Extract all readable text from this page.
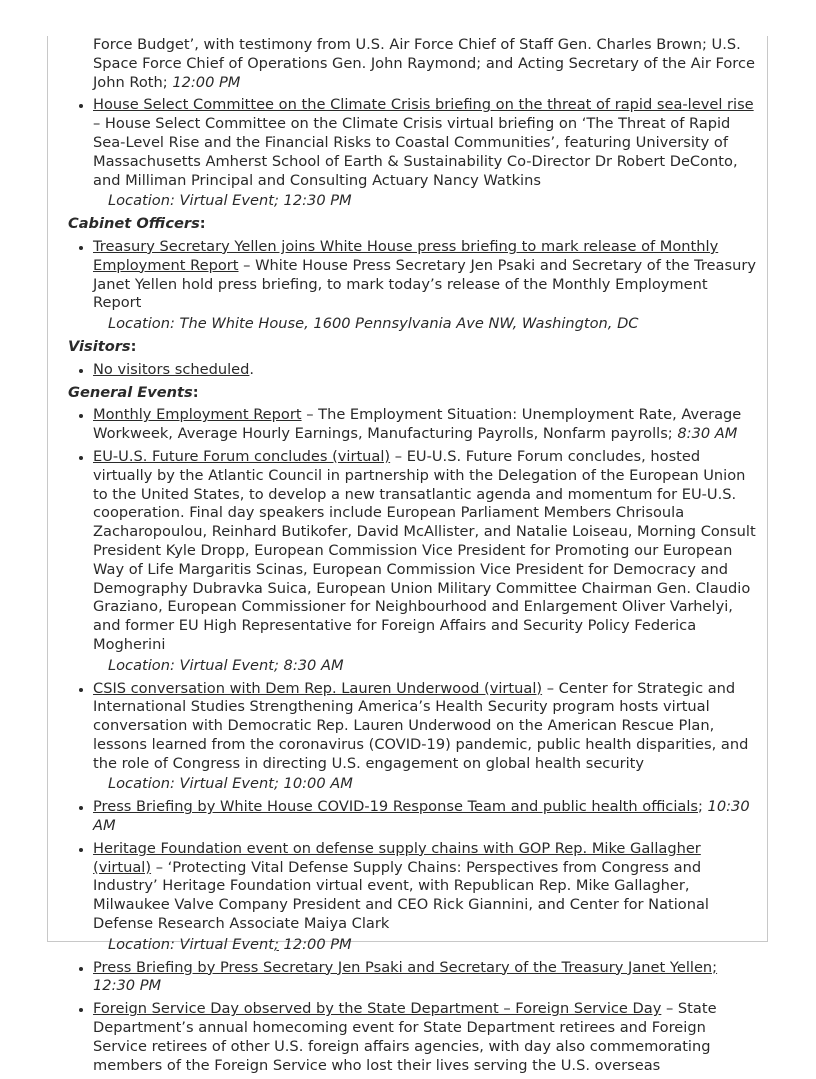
Force Budget’, with testimony from U.S. Air Force Chief of Staff Gen. Charles Brown; U.S. Space Force Chief of Operations Gen. John Raymond; and Acting Secretary of the Air Force John Roth; 12:00 PM
• House Select Committee on the Climate Crisis briefing on the threat of rapid sea-level rise – House Select Committee on the Climate Crisis virtual briefing on ‘The Threat of Rapid Sea-Level Rise and the Financial Risks to Coastal Communities’, featuring University of Massachusetts Amherst School of Earth & Sustainability Co-Director Dr Robert DeConto, and Milliman Principal and Consulting Actuary Nancy Watkins
Location: Virtual Event; 12:30 PM
Cabinet Officers:
• Treasury Secretary Yellen joins White House press briefing to mark release of Monthly Employment Report – White House Press Secretary Jen Psaki and Secretary of the Treasury Janet Yellen hold press briefing, to mark today’s release of the Monthly Employment Report
Location: The White House, 1600 Pennsylvania Ave NW, Washington, DC
Visitors:
• No visitors scheduled.
General Events:
• Monthly Employment Report – The Employment Situation: Unemployment Rate, Average Workweek, Average Hourly Earnings, Manufacturing Payrolls, Nonfarm payrolls; 8:30 AM
• EU-U.S. Future Forum concludes (virtual) – EU-U.S. Future Forum concludes, hosted virtually by the Atlantic Council in partnership with the Delegation of the European Union to the United States, to develop a new transatlantic agenda and momentum for EU-U.S. cooperation. Final day speakers include European Parliament Members Chrisoula Zacharopoulou, Reinhard Butikofer, David McAllister, and Natalie Loiseau, Morning Consult President Kyle Dropp, European Commission Vice President for Promoting our European Way of Life Margaritis Scinas, European Commission Vice President for Democracy and Demography Dubravka Suica, European Union Military Committee Chairman Gen. Claudio Graziano, European Commissioner for Neighbourhood and Enlargement Oliver Varhelyi, and former EU High Representative for Foreign Affairs and Security Policy Federica Mogherini
Location: Virtual Event; 8:30 AM
• CSIS conversation with Dem Rep. Lauren Underwood (virtual) – Center for Strategic and International Studies Strengthening America’s Health Security program hosts virtual conversation with Democratic Rep. Lauren Underwood on the American Rescue Plan, lessons learned from the coronavirus (COVID-19) pandemic, public health disparities, and the role of Congress in directing U.S. engagement on global health security
Location: Virtual Event; 10:00 AM
• Press Briefing by White House COVID-19 Response Team and public health officials; 10:30 AM
• Heritage Foundation event on defense supply chains with GOP Rep. Mike Gallagher (virtual) – ‘Protecting Vital Defense Supply Chains: Perspectives from Congress and Industry’ Heritage Foundation virtual event, with Republican Rep. Mike Gallagher, Milwaukee Valve Company President and CEO Rick Giannini, and Center for National Defense Research Associate Maiya Clark
Location: Virtual Event; 12:00 PM
• Press Briefing by Press Secretary Jen Psaki and Secretary of the Treasury Janet Yellen; 12:30 PM
• Foreign Service Day observed by the State Department – Foreign Service Day – State Department’s annual homecoming event for State Department retirees and Foreign Service retirees of other U.S. foreign affairs agencies, with day also commemorating members of the Foreign Service who lost their lives serving the U.S. overseas
